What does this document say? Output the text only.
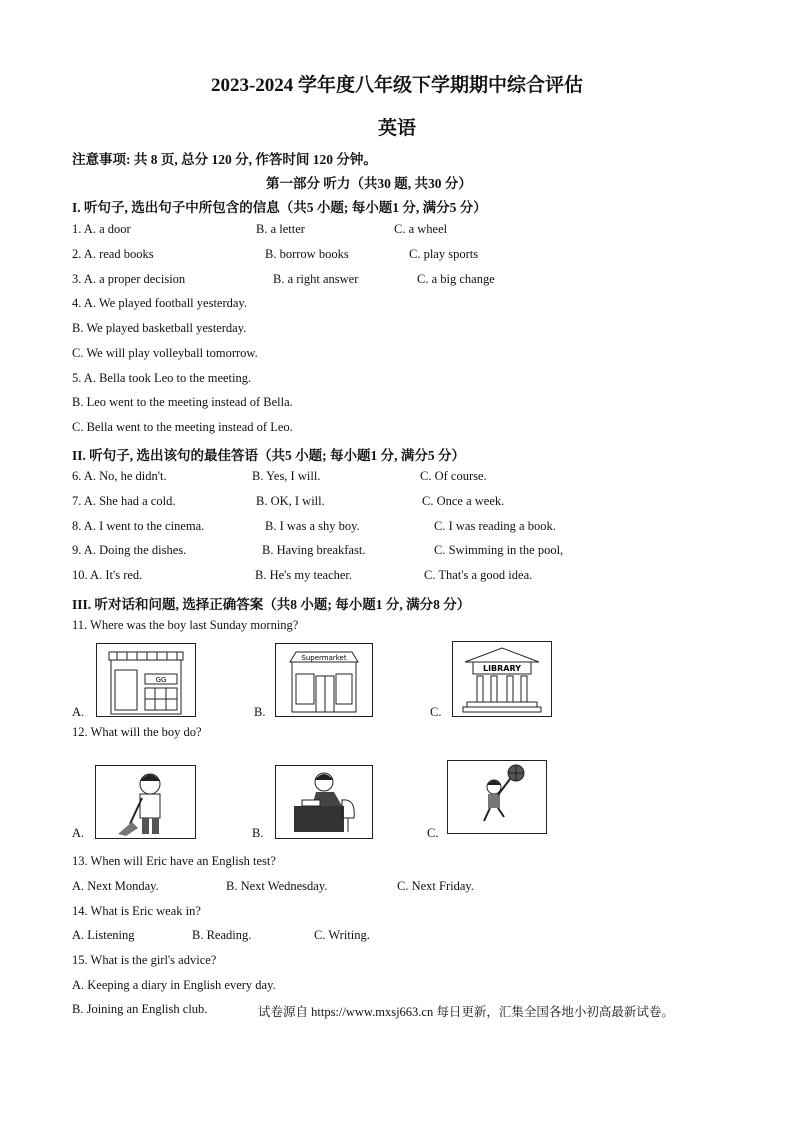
2023-2024 学年度八年级下学期期中综合评估
英语
注意事项: 共 8 页, 总分 120 分, 作答时间 120 分钟。
第一部分 听力（共30 题, 共30 分）
I. 听句子, 选出句子中所包含的信息（共5 小题; 每小题1 分, 满分5 分）
1. A. a door	B. a letter	C. a wheel
2. A. read books	B. borrow books	C. play sports
3. A. a proper decision	B. a right answer	C. a big change
4. A. We played football yesterday.
B. We played basketball yesterday.
C. We will play volleyball tomorrow.
5. A. Bella took Leo to the meeting.
B. Leo went to the meeting instead of Bella.
C. Bella went to the meeting instead of Leo.
II. 听句子, 选出该句的最佳答语（共5 小题; 每小题1 分, 满分5 分）
6. A. No, he didn't.	B. Yes, I will.	C. Of course.
7. A. She had a cold.	B. OK, I will.	C. Once a week.
8. A. I went to the cinema.	B. I was a shy boy.	C. I was reading a book.
9. A. Doing the dishes.	B. Having breakfast.	C. Swimming in the pool,
10. A. It's red.	B. He's my teacher.	C. That's a good idea.
III. 听对话和问题, 选择正确答案（共8 小题; 每小题1 分, 满分8 分）
11. Where was the boy last Sunday morning?
A.
GG
B.
Supermarket
C.
LIBRARY
12. What will the boy do?
A.	B.	C.
13. When will Eric have an English test?
A. Next Monday.	B. Next Wednesday.	C. Next Friday.
14. What is Eric weak in?
A. Listening	B. Reading.	C. Writing.
15. What is the girl's advice?
A. Keeping a diary in English every day.
B. Joining an English club.	试卷源自 https://www.mxsj663.cn 每日更新，汇集全国各地小初高最新试卷。
